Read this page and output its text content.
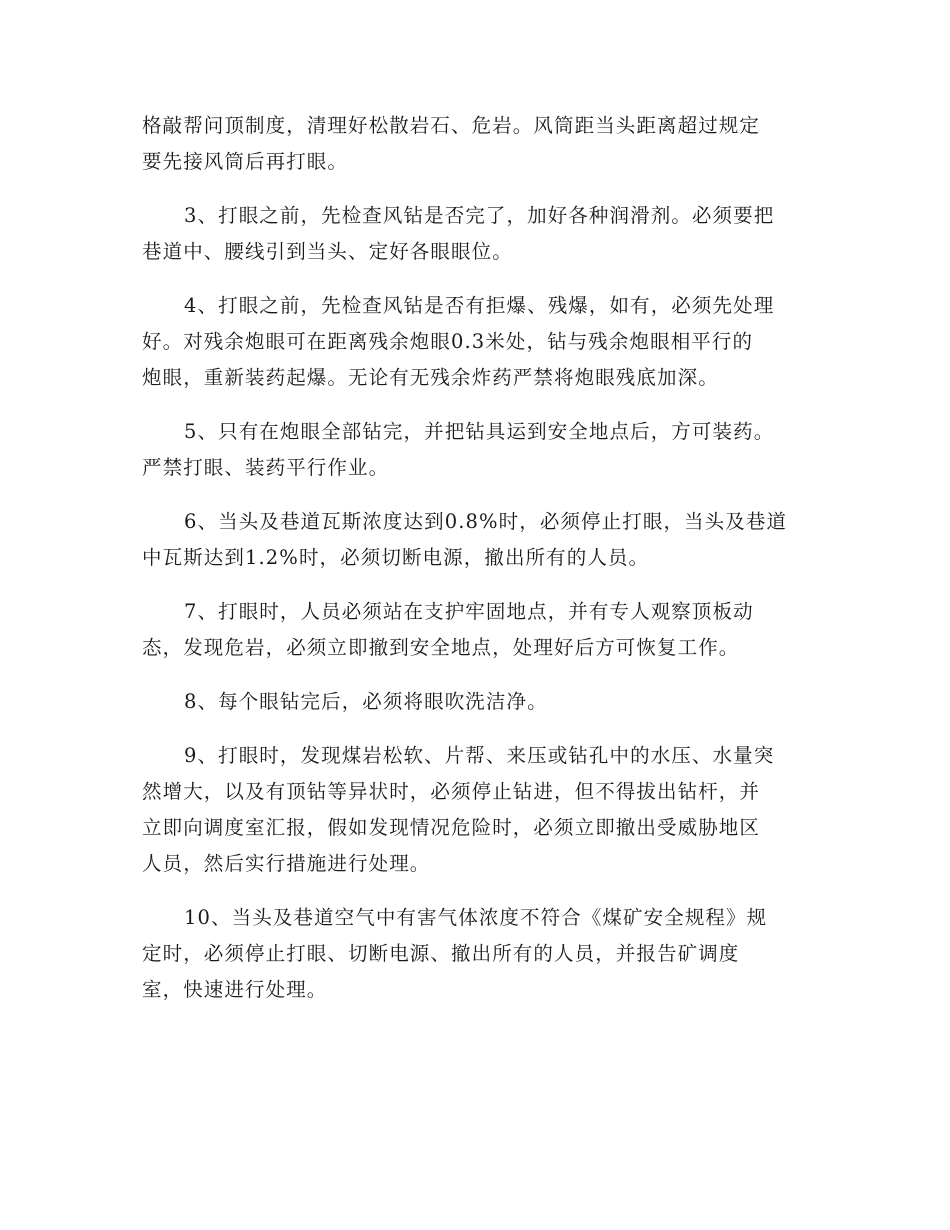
格敲帮问顶制度，清理好松散岩石、危岩。风筒距当头距离超过规定
要先接风筒后再打眼。

3、打眼之前，先检查风钻是否完了，加好各种润滑剂。必须要把
巷道中、腰线引到当头、定好各眼眼位。

4、打眼之前，先检查风钻是否有拒爆、残爆，如有，必须先处理
好。对残余炮眼可在距离残余炮眼0.3米处，钻与残余炮眼相平行的
炮眼，重新装药起爆。无论有无残余炸药严禁将炮眼残底加深。

5、只有在炮眼全部钻完，并把钻具运到安全地点后，方可装药。
严禁打眼、装药平行作业。

6、当头及巷道瓦斯浓度达到0.8%时，必须停止打眼，当头及巷道
中瓦斯达到1.2%时，必须切断电源，撤出所有的人员。

7、打眼时，人员必须站在支护牢固地点，并有专人观察顶板动
态，发现危岩，必须立即撤到安全地点，处理好后方可恢复工作。

8、每个眼钻完后，必须将眼吹洗洁净。

9、打眼时，发现煤岩松软、片帮、来压或钻孔中的水压、水量突
然增大，以及有顶钻等异状时，必须停止钻进，但不得拔出钻杆，并
立即向调度室汇报，假如发现情况危险时，必须立即撤出受威胁地区
人员，然后实行措施进行处理。

10、当头及巷道空气中有害气体浓度不符合《煤矿安全规程》规
定时，必须停止打眼、切断电源、撤出所有的人员，并报告矿调度
室，快速进行处理。
